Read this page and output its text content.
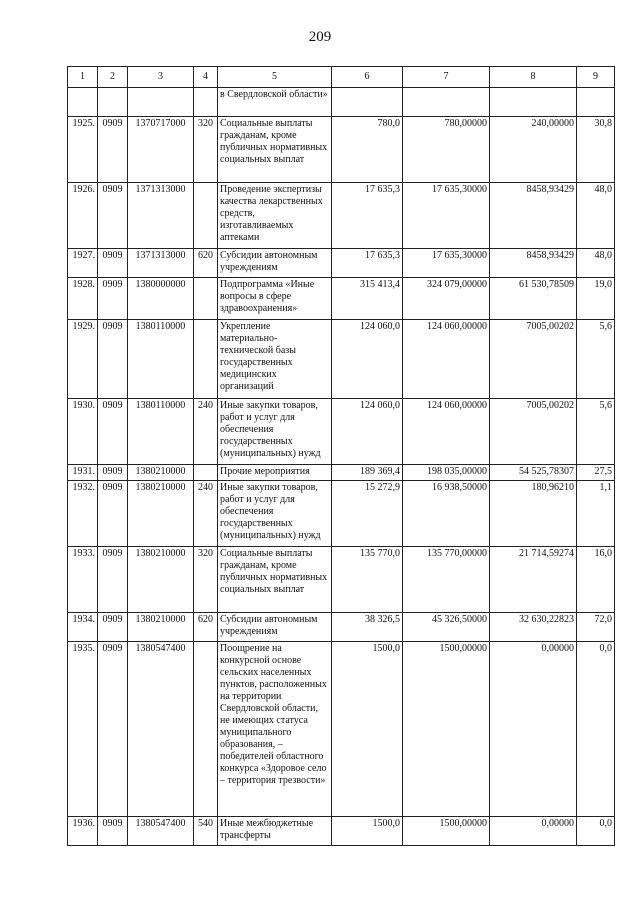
209
1	2	3	4	5	6	7	8	9
				в Свердловской области»				
1925.	0909	1370717000	320	Социальные выплаты гражданам, кроме публичных нормативных социальных выплат	780,0	780,00000	240,00000	30,8
1926.	0909	1371313000		Проведение экспертизы качества лекарственных средств, изготавливаемых аптеками	17 635,3	17 635,30000	8458,93429	48,0
1927.	0909	1371313000	620	Субсидии автономным учреждениям	17 635,3	17 635,30000	8458,93429	48,0
1928.	0909	1380000000		Подпрограмма «Иные вопросы в сфере здравоохранения»	315 413,4	324 079,00000	61 530,78509	19,0
1929.	0909	1380110000		Укрепление материально-технической базы государственных медицинских организаций	124 060,0	124 060,00000	7005,00202	5,6
1930.	0909	1380110000	240	Иные закупки товаров, работ и услуг для обеспечения государственных (муниципальных) нужд	124 060,0	124 060,00000	7005,00202	5,6
1931.	0909	1380210000		Прочие мероприятия	189 369,4	198 035,00000	54 525,78307	27,5
1932.	0909	1380210000	240	Иные закупки товаров, работ и услуг для обеспечения государственных (муниципальных) нужд	15 272,9	16 938,50000	180,96210	1,1
1933.	0909	1380210000	320	Социальные выплаты гражданам, кроме публичных нормативных социальных выплат	135 770,0	135 770,00000	21 714,59274	16,0
1934.	0909	1380210000	620	Субсидии автономным учреждениям	38 326,5	45 326,50000	32 630,22823	72,0
1935.	0909	1380547400		Поощрение на конкурсной основе сельских населенных пунктов, расположенных на территории Свердловской области, не имеющих статуса муниципального образования, – победителей областного конкурса «Здоровое село – территория трезвости»	1500,0	1500,00000	0,00000	0,0
1936.	0909	1380547400	540	Иные межбюджетные трансферты	1500,0	1500,00000	0,00000	0,0
